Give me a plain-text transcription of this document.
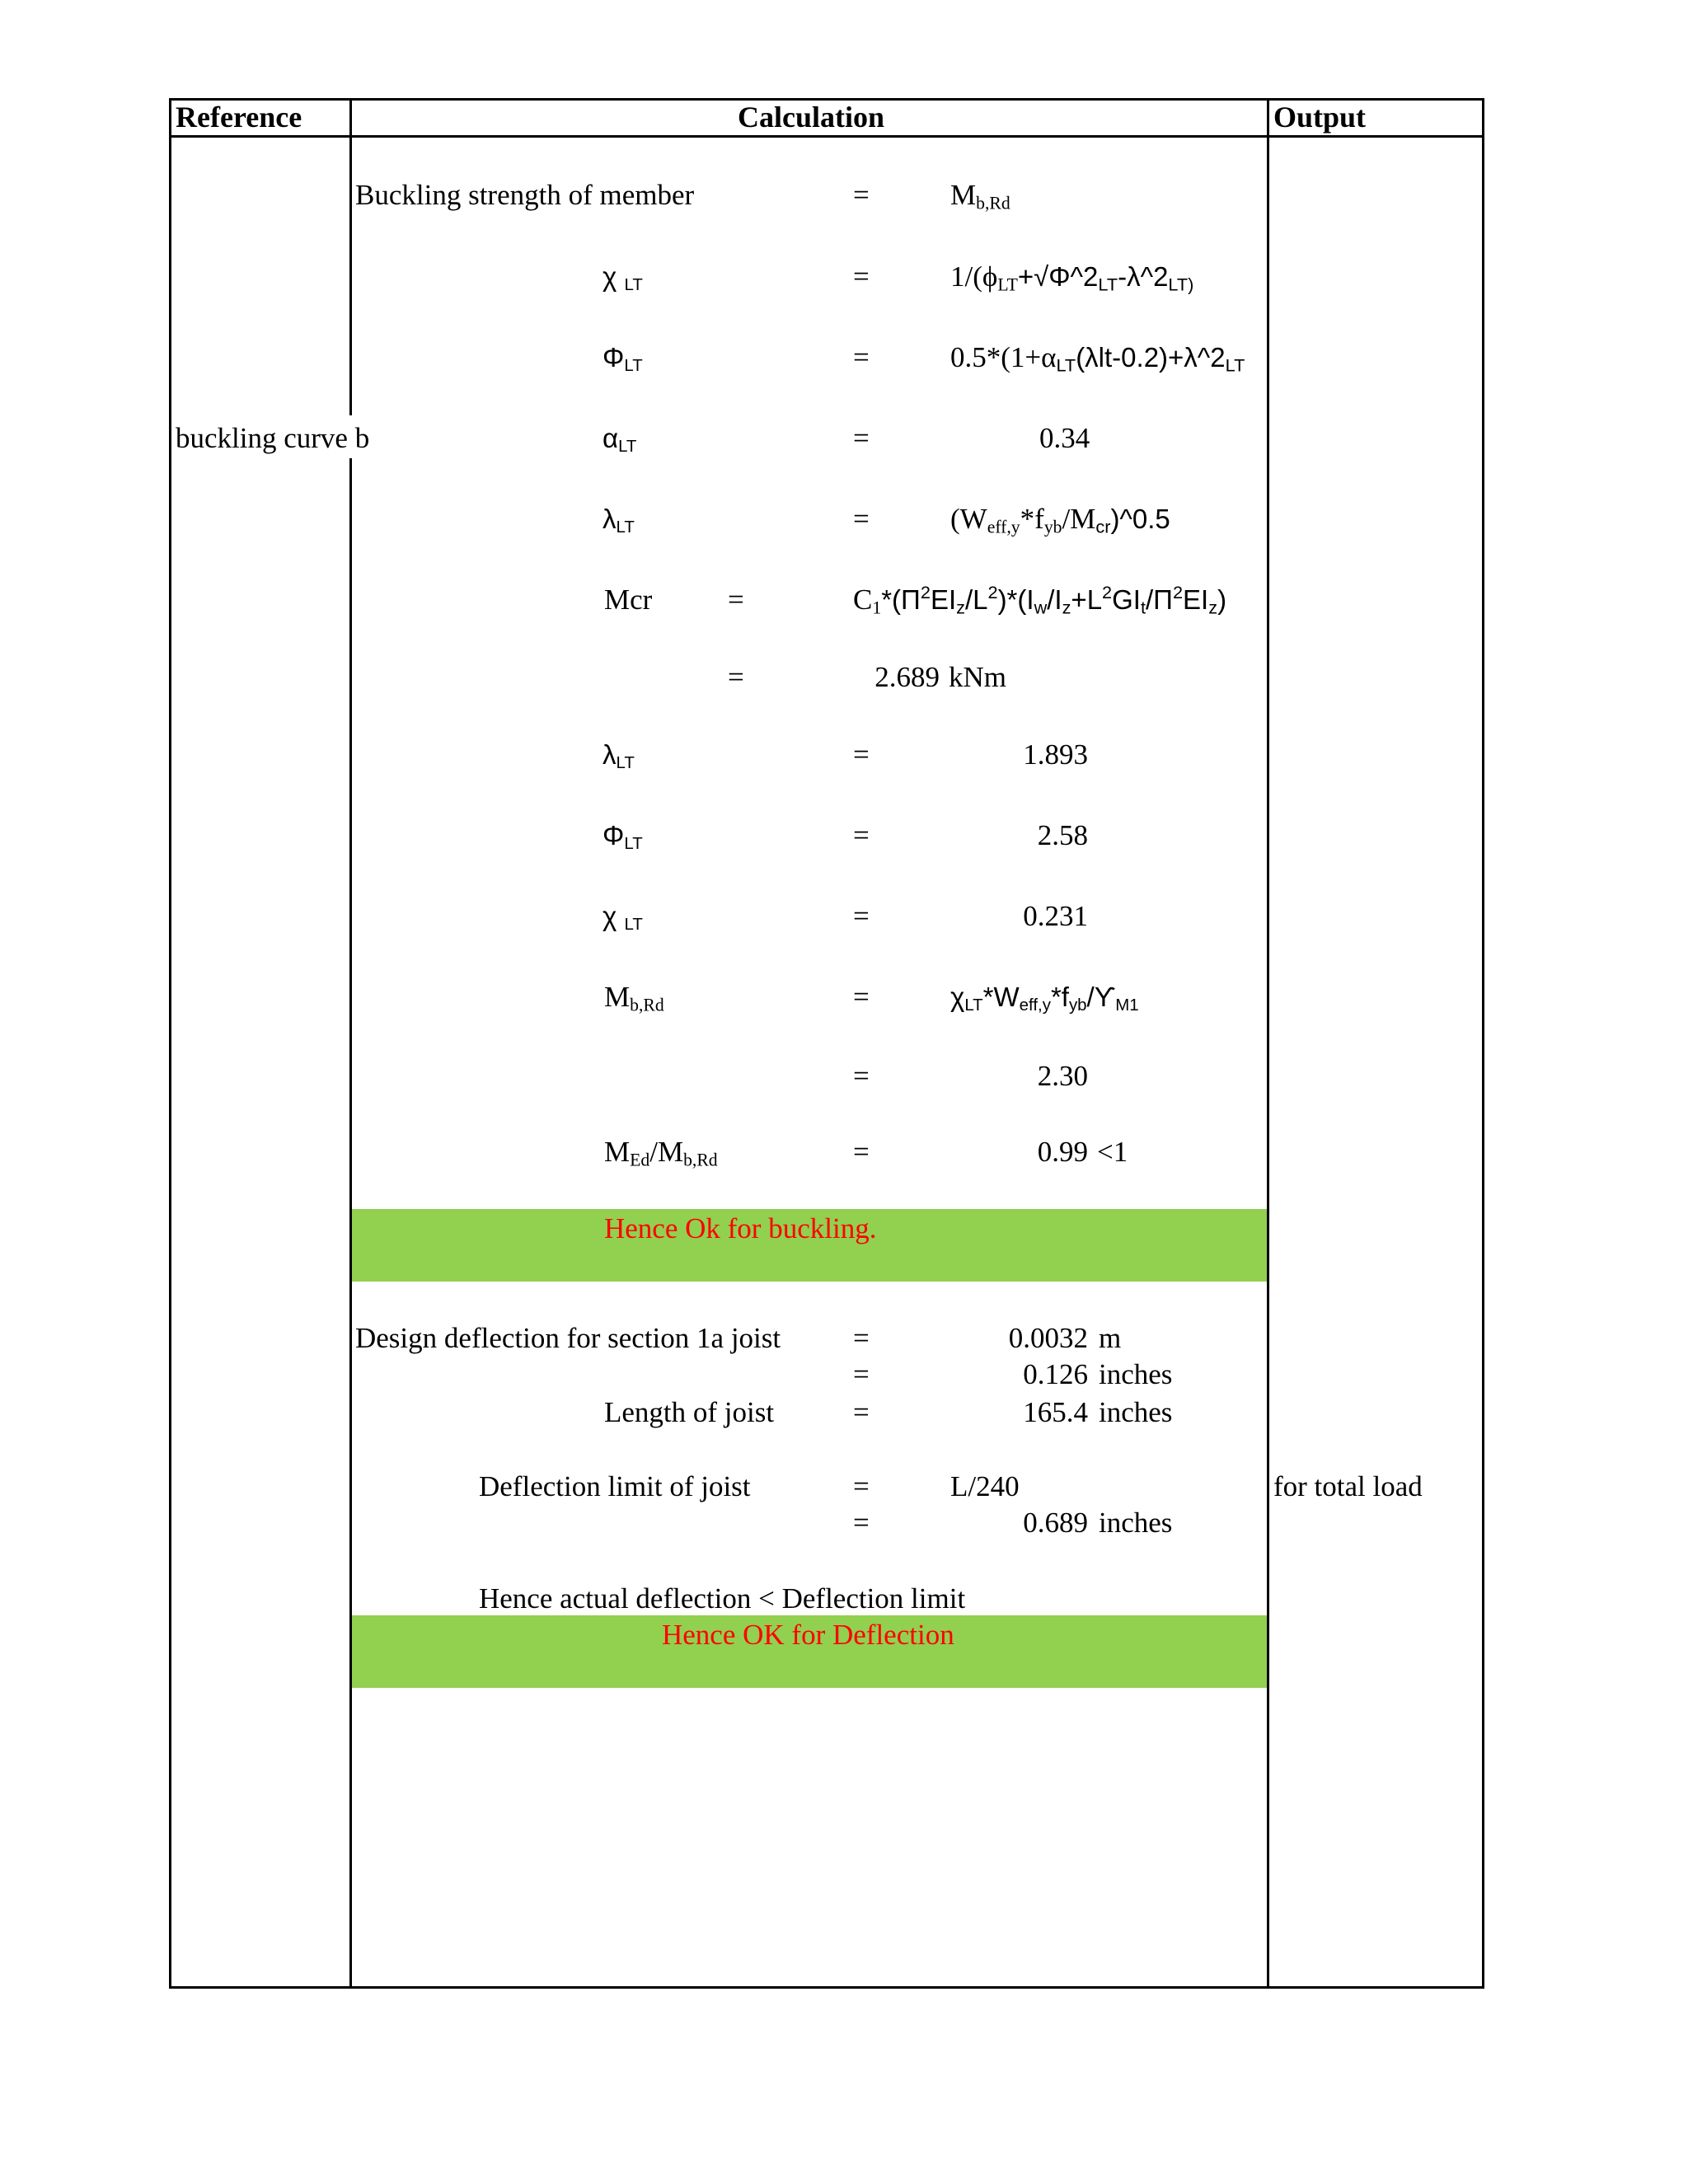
Reference	Calculation	Output
Buckling strength of member	=	$M_{b,Rd}$
χ $_{LT}$	=	$1/(\phi_{LT}+√\Phi\^{}2_{LT}-\lambda\^{}2_{LT)}$
$\Phi_{LT}$	=	$0.5*(1+\alpha_{LT}(\lambda lt-0.2)+\lambda\^{}2_{LT}$
buckling curve b	$\alpha_{LT}$	=	0.34
$\lambda_{LT}$	=	$(W_{eff,y}*f_{yb}/M_{cr})\^{}0.5$
Mcr	=	$C_1*(\Pi^2EI_z/L^2)*(I_w/I_z+L^2GI_t/\Pi^2EI_z)$
=	2.689 kNm
$\lambda_{LT}$	=	1.893
$\Phi_{LT}$	=	2.58
χ $_{LT}$	=	0.231
$M_{b,Rd}$	=	$\chi_{LT}*W_{eff,y}*f_{yb}/ϒ_{M1}$
=	2.30
$M_{Ed}/M_{b,Rd}$	=	0.99 <1
Hence Ok for buckling.
Design deflection for section 1a joist	=	0.0032 m
=	0.126 inches
Length of joist	=	165.4 inches
Deflection limit of joist	=	L/240	for total load
=	0.689 inches
Hence actual deflection < Deflection limit
Hence OK for Deflection
